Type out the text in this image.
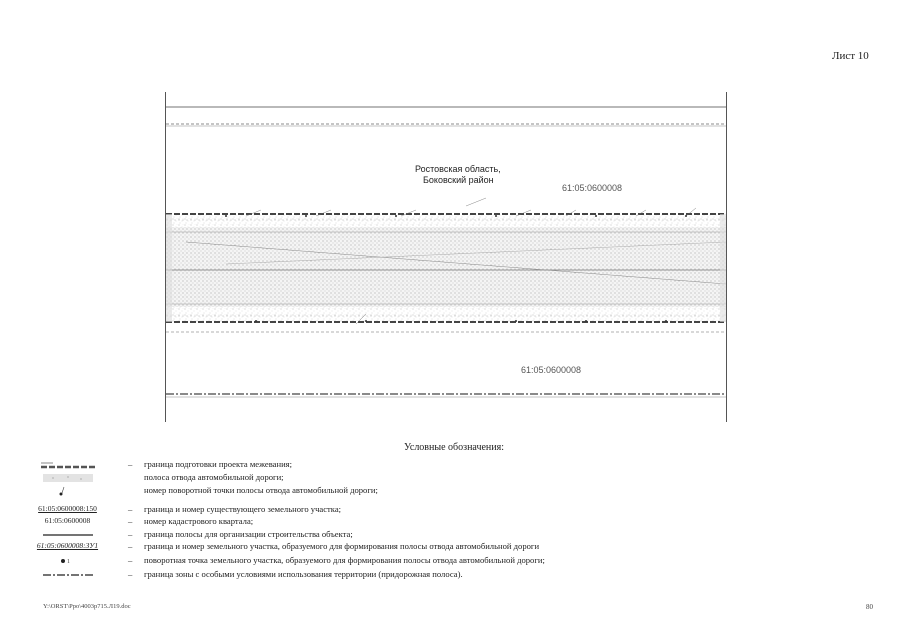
Лист 10
Ростовская область,
Боковский район
61:05:0600008
61:05:0600008
Условные обозначения:
– граница подготовки проекта межевания;
полоса отвода автомобильной дороги;
номер поворотной точки полосы отвода автомобильной дороги;
61:05:0600008:150	– граница и номер существующего земельного участка;
61:05:0600008	– номер кадастрового квартала;
– граница полосы для организации строительства объекта;
61:05:0600008:ЗУ1	– граница и номер земельного участка, образуемого для формирования полосы отвода автомобильной дороги
1	– поворотная точка земельного участка, образуемого для формирования полосы отвода автомобильной дороги;
– граница зоны с особыми условиями использования территории (придорожная полоса).
Y:\ORST\Ppo\4003p715.Л19.doc	80
